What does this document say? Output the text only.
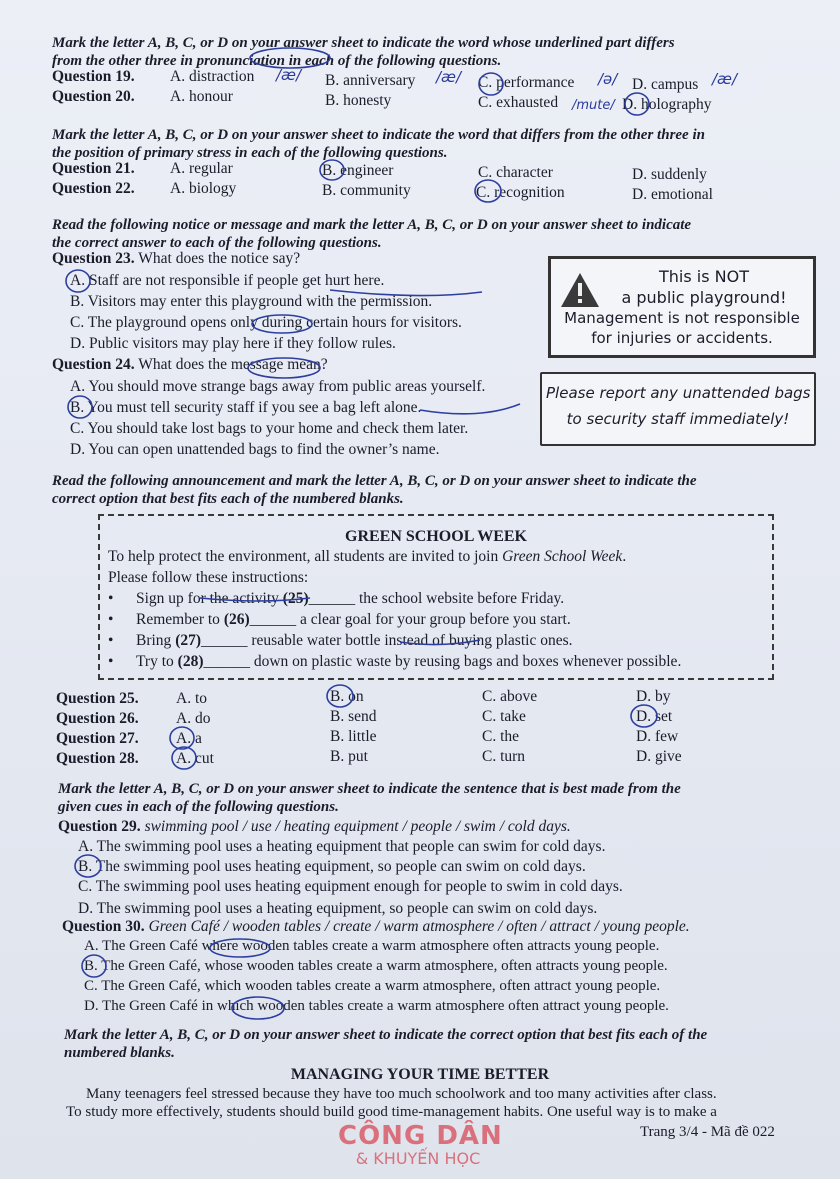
Mark the letter A, B, C, or D on your answer sheet to indicate the word whose underlined part differs
from the other three in pronunciation in each of the following questions.
Question 19. A. distraction	B. anniversary	C. performance	D. campus
/æ/	/æ/	/ə/	/æ/
Question 20. A. honour	B. honesty	C. exhausted	D. holography
/mute/
Mark the letter A, B, C, or D on your answer sheet to indicate the word that differs from the other three in
the position of primary stress in each of the following questions.
Question 21. A. regular	B. engineer	C. character	D. suddenly
Question 22. A. biology	B. community	C. recognition	D. emotional
Read the following notice or message and mark the letter A, B, C, or D on your answer sheet to indicate
the correct answer to each of the following questions.
Question 23. What does the notice say?
A. Staff are not responsible if people get hurt here.
B. Visitors may enter this playground with the permission.
C. The playground opens only during certain hours for visitors.
D. Public visitors may play here if they follow rules.
This is NOT
a public playground!
Management is not responsible
for injuries or accidents.
Question 24. What does the message mean?
A. You should move strange bags away from public areas yourself.
B. You must tell security staff if you see a bag left alone.
C. You should take lost bags to your home and check them later.
D. You can open unattended bags to find the owner’s name.
Please report any unattended bags
to security staff immediately!
Read the following announcement and mark the letter A, B, C, or D on your answer sheet to indicate the
correct option that best fits each of the numbered blanks.
GREEN SCHOOL WEEK
To help protect the environment, all students are invited to join Green School Week.
Please follow these instructions:
• Sign up for the activity (25)______ the school website before Friday.
• Remember to (26)______ a clear goal for your group before you start.
• Bring (27)______ reusable water bottle instead of buying plastic ones.
• Try to (28)______ down on plastic waste by reusing bags and boxes whenever possible.
Question 25. A. to	B. on	C. above	D. by
Question 26. A. do	B. send	C. take	D. set
Question 27. A. a	B. little	C. the	D. few
Question 28. A. cut	B. put	C. turn	D. give
Mark the letter A, B, C, or D on your answer sheet to indicate the sentence that is best made from the
given cues in each of the following questions.
Question 29. swimming pool / use / heating equipment / people / swim / cold days.
A. The swimming pool uses a heating equipment that people can swim for cold days.
B. The swimming pool uses heating equipment, so people can swim on cold days.
C. The swimming pool uses heating equipment enough for people to swim in cold days.
D. The swimming pool uses a heating equipment, so people can swim on cold days.
Question 30. Green Café / wooden tables / create / warm atmosphere / often / attract / young people.
A. The Green Café where wooden tables create a warm atmosphere often attracts young people.
B. The Green Café, whose wooden tables create a warm atmosphere, often attracts young people.
C. The Green Café, which wooden tables create a warm atmosphere, often attract young people.
D. The Green Café in which wooden tables create a warm atmosphere often attract young people.
Mark the letter A, B, C, or D on your answer sheet to indicate the correct option that best fits each of the
numbered blanks.
MANAGING YOUR TIME BETTER
Many teenagers feel stressed because they have too much schoolwork and too many activities after class.
To study more effectively, students should build good time-management habits. One useful way is to make a
CÔNG DÂN
& KHUYẾN HỌC
Trang 3/4 - Mã đề 022
